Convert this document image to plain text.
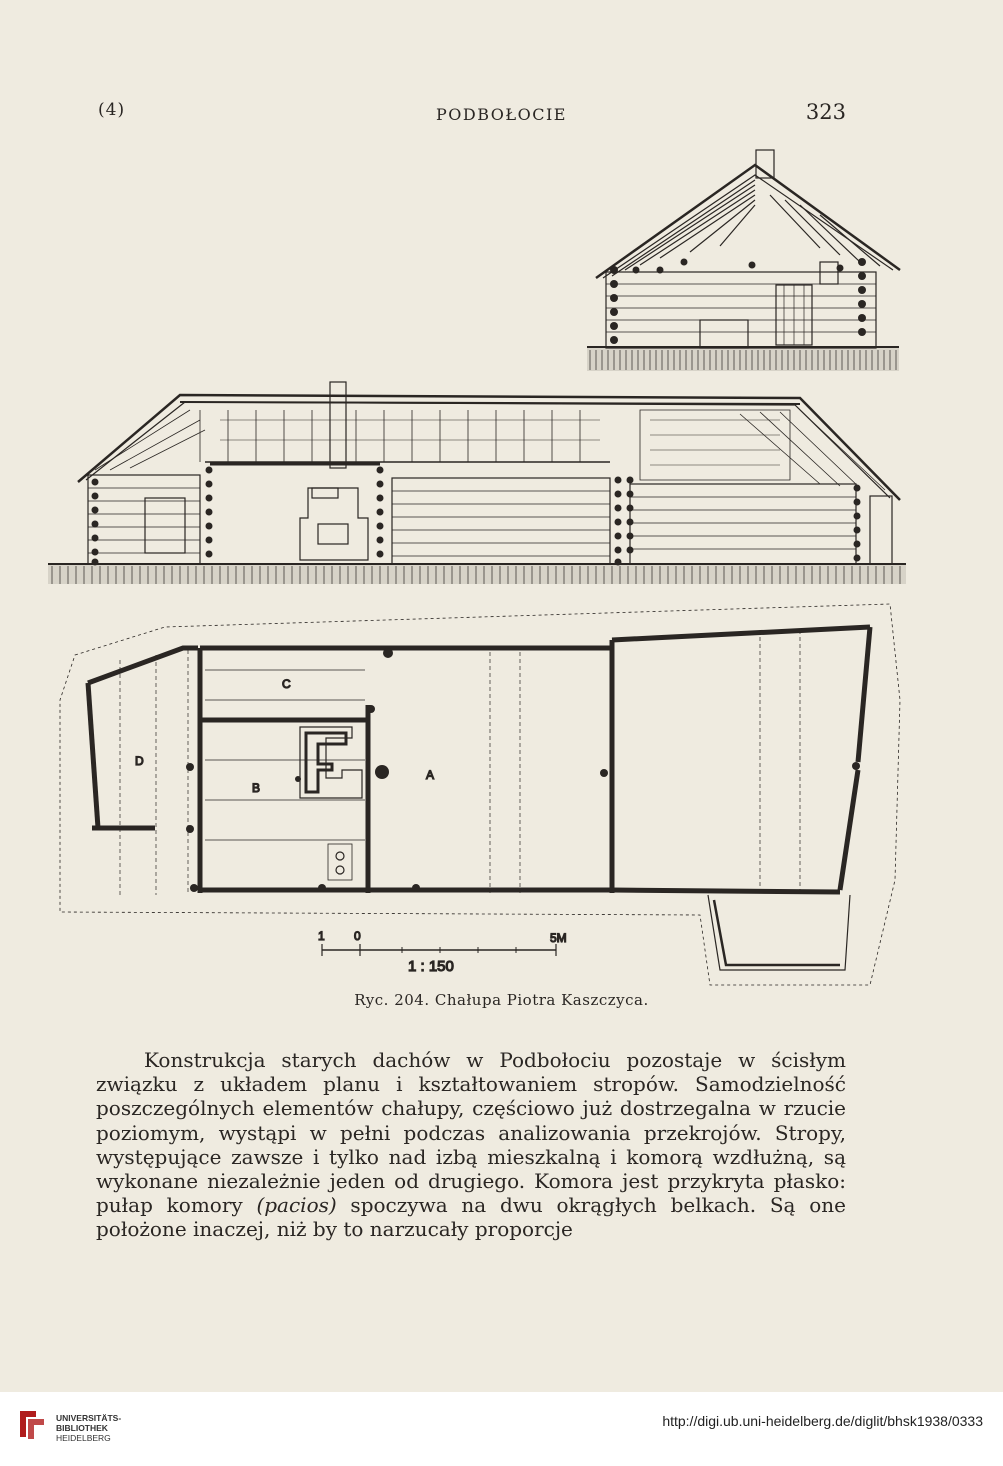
(4)	PODBOŁOCIE	323
A
B
C
D
1 0	5M
1 : 150
Ryc. 204. Chałupa Piotra Kaszczyca.

Konstrukcja starych dachów w Podbołociu pozostaje w ścisłym związku z układem planu i kształtowaniem stropów. Samodzielność poszczególnych elementów chałupy, częściowo już dostrzegalna w rzucie poziomym, wystąpi w pełni podczas analizowania przekrojów. Stropy, występujące zawsze i tylko nad izbą mieszkalną i komorą wzdłużną, są wykonane niezależnie jeden od drugiego. Komora jest przykryta płasko: pułap komory (pacios) spoczywa na dwu okrągłych belkach. Są one położone inaczej, niż by to narzucały proporcje

UNIVERSITÄTS-
BIBLIOTHEK
HEIDELBERG
http://digi.ub.uni-heidelberg.de/diglit/bhsk1938/0333
